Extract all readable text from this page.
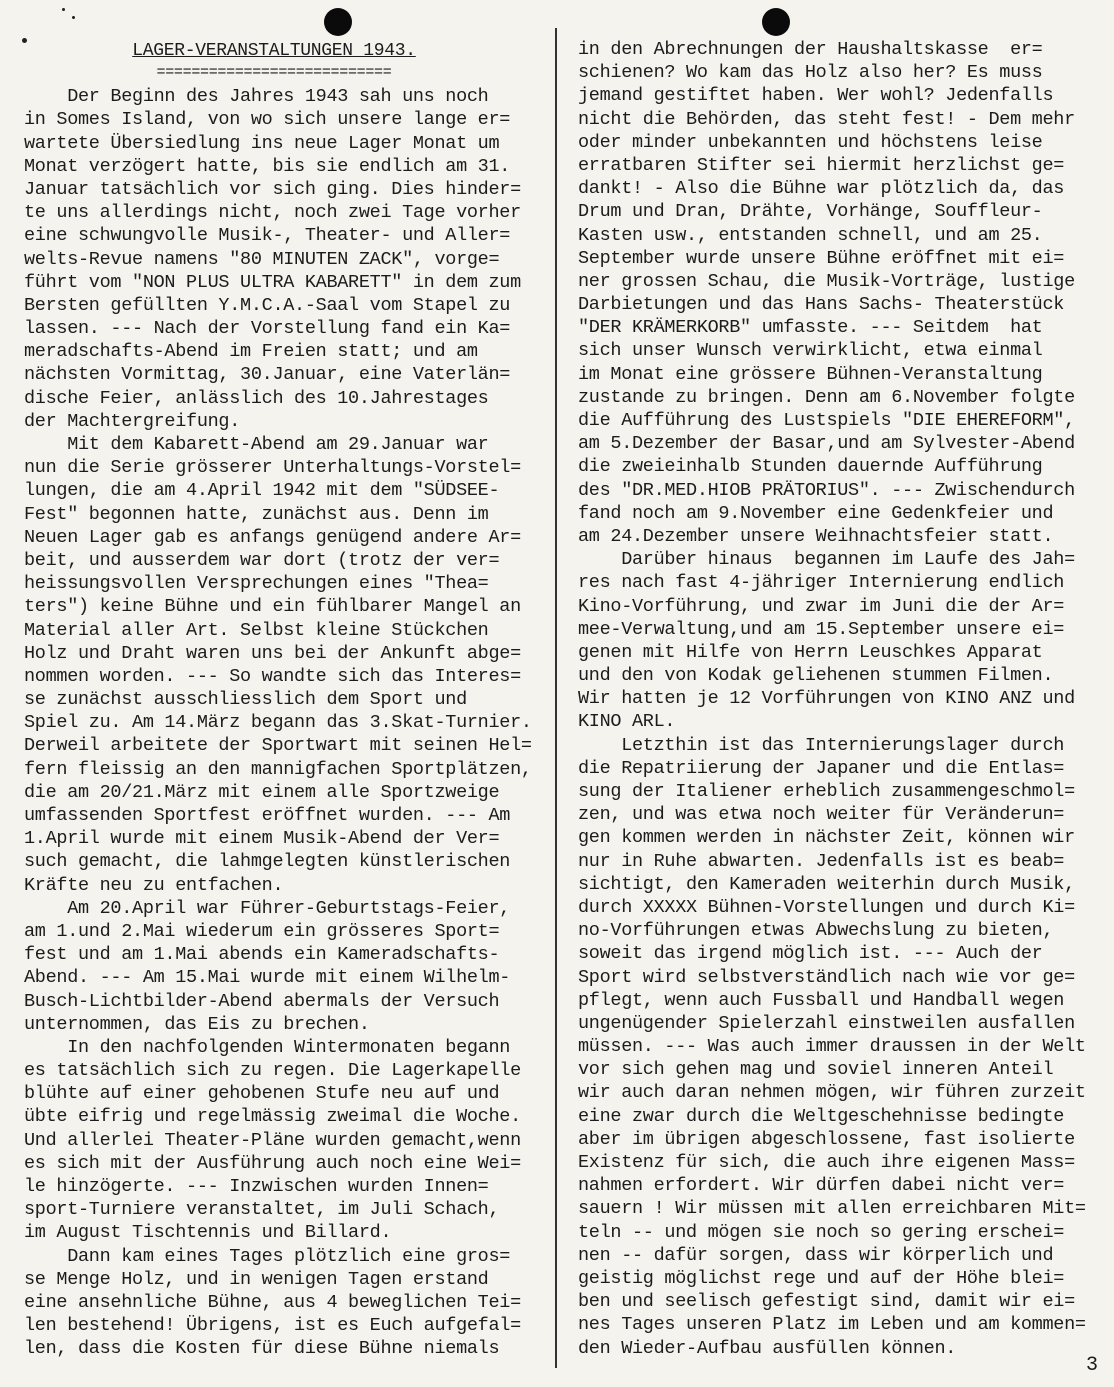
LAGER-VERANSTALTUNGEN 1943.
===========================
Der Beginn des Jahres 1943 sah uns noch
in Somes Island, von wo sich unsere lange er=
wartete Übersiedlung ins neue Lager Monat um
Monat verzögert hatte, bis sie endlich am 31.
Januar tatsächlich vor sich ging. Dies hinder=
te uns allerdings nicht, noch zwei Tage vorher
eine schwungvolle Musik-, Theater- und Aller=
welts-Revue namens "80 MINUTEN ZACK", vorge=
führt vom "NON PLUS ULTRA KABARETT" in dem zum
Bersten gefüllten Y.M.C.A.-Saal vom Stapel zu
lassen. --- Nach der Vorstellung fand ein Ka=
meradschafts-Abend im Freien statt; und am
nächsten Vormittag, 30.Januar, eine Vaterlän=
dische Feier, anlässlich des 10.Jahrestages
der Machtergreifung.
Mit dem Kabarett-Abend am 29.Januar war
nun die Serie grösserer Unterhaltungs-Vorstel=
lungen, die am 4.April 1942 mit dem "SÜDSEE-
Fest" begonnen hatte, zunächst aus. Denn im
Neuen Lager gab es anfangs genügend andere Ar=
beit, und ausserdem war dort (trotz der ver=
heissungsvollen Versprechungen eines "Thea=
ters") keine Bühne und ein fühlbarer Mangel an
Material aller Art. Selbst kleine Stückchen
Holz und Draht waren uns bei der Ankunft abge=
nommen worden. --- So wandte sich das Interes=
se zunächst ausschliesslich dem Sport und
Spiel zu. Am 14.März begann das 3.Skat-Turnier.
Derweil arbeitete der Sportwart mit seinen Hel=
fern fleissig an den mannigfachen Sportplätzen,
die am 20/21.März mit einem alle Sportzweige
umfassenden Sportfest eröffnet wurden. --- Am
1.April wurde mit einem Musik-Abend der Ver=
such gemacht, die lahmgelegten künstlerischen
Kräfte neu zu entfachen.
Am 20.April war Führer-Geburtstags-Feier,
am 1.und 2.Mai wiederum ein grösseres Sport=
fest und am 1.Mai abends ein Kameradschafts-
Abend. --- Am 15.Mai wurde mit einem Wilhelm-
Busch-Lichtbilder-Abend abermals der Versuch
unternommen, das Eis zu brechen.
In den nachfolgenden Wintermonaten begann
es tatsächlich sich zu regen. Die Lagerkapelle
blühte auf einer gehobenen Stufe neu auf und
übte eifrig und regelmässig zweimal die Woche.
Und allerlei Theater-Pläne wurden gemacht,wenn
es sich mit der Ausführung auch noch eine Wei=
le hinzögerte. --- Inzwischen wurden Innen=
sport-Turniere veranstaltet, im Juli Schach,
im August Tischtennis und Billard.
Dann kam eines Tages plötzlich eine gros=
se Menge Holz, und in wenigen Tagen erstand
eine ansehnliche Bühne, aus 4 beweglichen Tei=
len bestehend! Übrigens, ist es Euch aufgefal=
len, dass die Kosten für diese Bühne niemals
in den Abrechnungen der Haushaltskasse  er=
schienen? Wo kam das Holz also her? Es muss
jemand gestiftet haben. Wer wohl? Jedenfalls
nicht die Behörden, das steht fest! - Dem mehr
oder minder unbekannten und höchstens leise
erratbaren Stifter sei hiermit herzlichst ge=
dankt! - Also die Bühne war plötzlich da, das
Drum und Dran, Drähte, Vorhänge, Souffleur-
Kasten usw., entstanden schnell, und am 25.
September wurde unsere Bühne eröffnet mit ei=
ner grossen Schau, die Musik-Vorträge, lustige
Darbietungen und das Hans Sachs- Theaterstück
"DER KRÄMERKORB" umfasste. --- Seitdem  hat
sich unser Wunsch verwirklicht, etwa einmal
im Monat eine grössere Bühnen-Veranstaltung
zustande zu bringen. Denn am 6.November folgte
die Aufführung des Lustspiels "DIE EHEREFORM",
am 5.Dezember der Basar,und am Sylvester-Abend
die zweieinhalb Stunden dauernde Aufführung
des "DR.MED.HIOB PRÄTORIUS". --- Zwischendurch
fand noch am 9.November eine Gedenkfeier und
am 24.Dezember unsere Weihnachtsfeier statt.
Darüber hinaus  begannen im Laufe des Jah=
res nach fast 4-jähriger Internierung endlich
Kino-Vorführung, und zwar im Juni die der Ar=
mee-Verwaltung,und am 15.September unsere ei=
genen mit Hilfe von Herrn Leuschkes Apparat
und den von Kodak geliehenen stummen Filmen.
Wir hatten je 12 Vorführungen von KINO ANZ und
KINO ARL.
Letzthin ist das Internierungslager durch
die Repatriierung der Japaner und die Entlas=
sung der Italiener erheblich zusammengeschmol=
zen, und was etwa noch weiter für Veränderun=
gen kommen werden in nächster Zeit, können wir
nur in Ruhe abwarten. Jedenfalls ist es beab=
sichtigt, den Kameraden weiterhin durch Musik,
durch XXXXX Bühnen-Vorstellungen und durch Ki=
no-Vorführungen etwas Abwechslung zu bieten,
soweit das irgend möglich ist. --- Auch der
Sport wird selbstverständlich nach wie vor ge=
pflegt, wenn auch Fussball und Handball wegen
ungenügender Spielerzahl einstweilen ausfallen
müssen. --- Was auch immer draussen in der Welt
vor sich gehen mag und soviel inneren Anteil
wir auch daran nehmen mögen, wir führen zurzeit
eine zwar durch die Weltgeschehnisse bedingte
aber im übrigen abgeschlossene, fast isolierte
Existenz für sich, die auch ihre eigenen Mass=
nahmen erfordert. Wir dürfen dabei nicht ver=
sauern ! Wir müssen mit allen erreichbaren Mit=
teln -- und mögen sie noch so gering erschei=
nen -- dafür sorgen, dass wir körperlich und
geistig möglichst rege und auf der Höhe blei=
ben und seelisch gefestigt sind, damit wir ei=
nes Tages unseren Platz im Leben und am kommen=
den Wieder-Aufbau ausfüllen können.
3
